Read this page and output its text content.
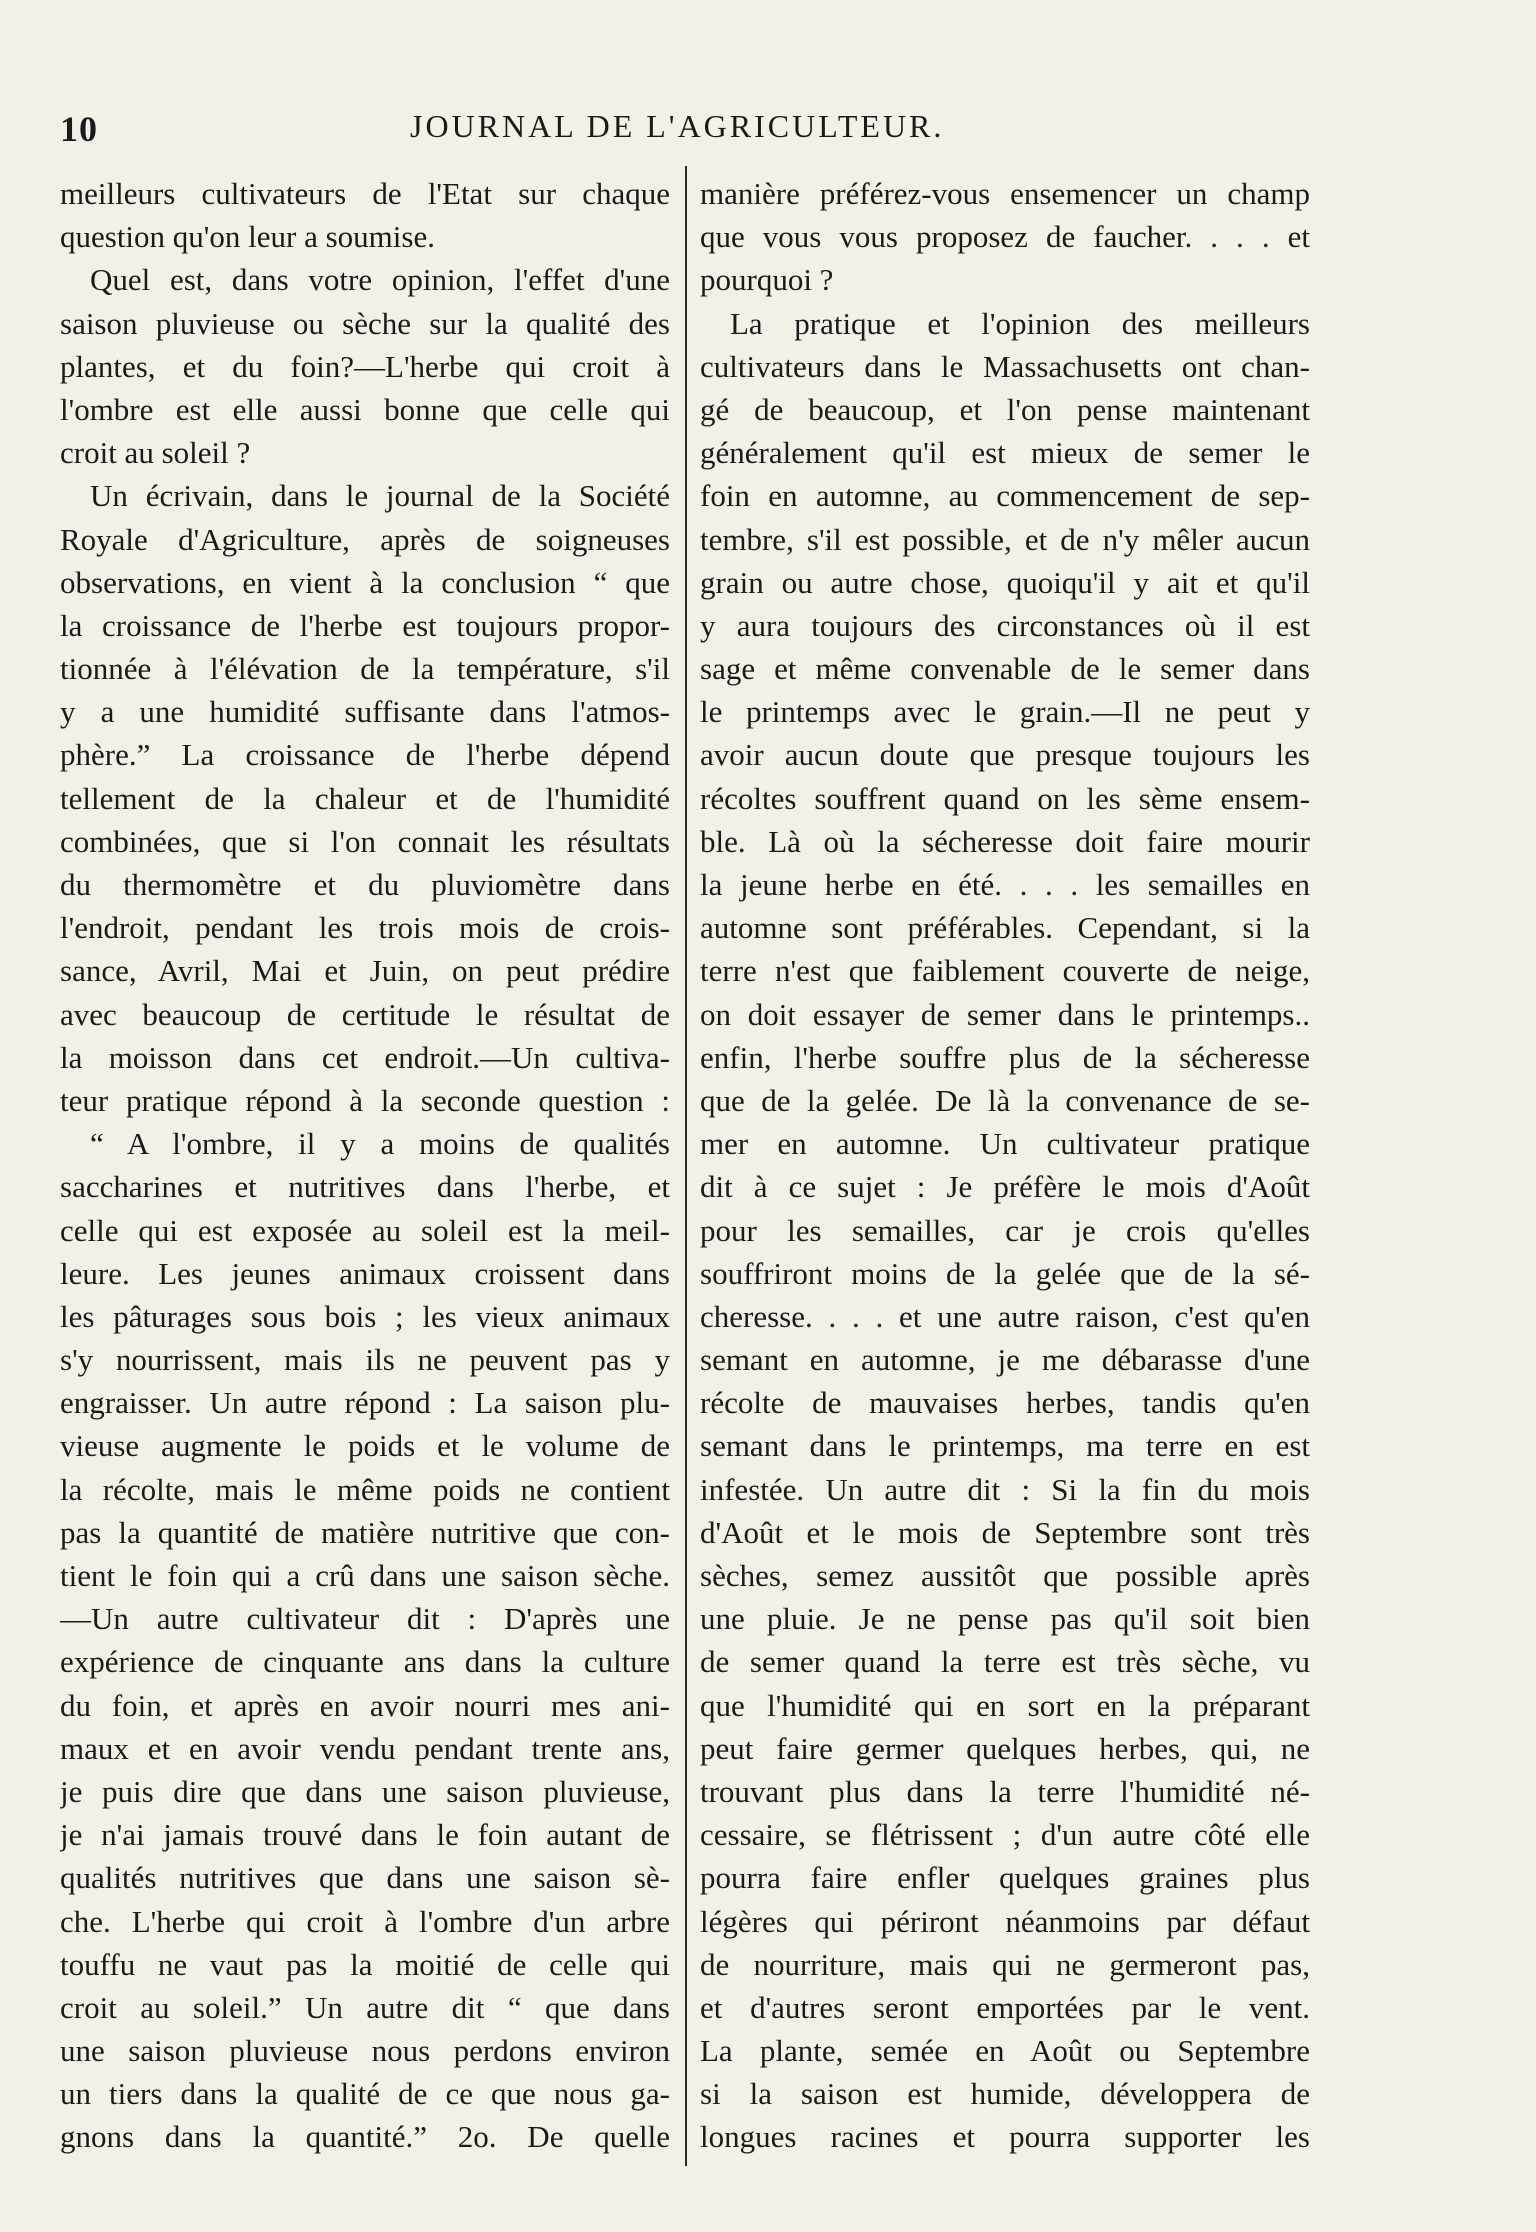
10	JOURNAL DE L'AGRICULTEUR.
meilleurs cultivateurs de l'Etat sur chaque
question qu'on leur a soumise.
Quel est, dans votre opinion, l'effet d'une
saison pluvieuse ou sèche sur la qualité des
plantes, et du foin?—L'herbe qui croit à
l'ombre est elle aussi bonne que celle qui
croit au soleil ?
Un écrivain, dans le journal de la Société
Royale d'Agriculture, après de soigneuses
observations, en vient à la conclusion “ que
la croissance de l'herbe est toujours propor-
tionnée à l'élévation de la température, s'il
y a une humidité suffisante dans l'atmos-
phère.” La croissance de l'herbe dépend
tellement de la chaleur et de l'humidité
combinées, que si l'on connait les résultats
du thermomètre et du pluviomètre dans
l'endroit, pendant les trois mois de crois-
sance, Avril, Mai et Juin, on peut prédire
avec beaucoup de certitude le résultat de
la moisson dans cet endroit.—Un cultiva-
teur pratique répond à la seconde question :
“ A l'ombre, il y a moins de qualités
saccharines et nutritives dans l'herbe, et
celle qui est exposée au soleil est la meil-
leure. Les jeunes animaux croissent dans
les pâturages sous bois ; les vieux animaux
s'y nourrissent, mais ils ne peuvent pas y
engraisser. Un autre répond : La saison plu-
vieuse augmente le poids et le volume de
la récolte, mais le même poids ne contient
pas la quantité de matière nutritive que con-
tient le foin qui a crû dans une saison sèche.
—Un autre cultivateur dit : D'après une
expérience de cinquante ans dans la culture
du foin, et après en avoir nourri mes ani-
maux et en avoir vendu pendant trente ans,
je puis dire que dans une saison pluvieuse,
je n'ai jamais trouvé dans le foin autant de
qualités nutritives que dans une saison sè-
che. L'herbe qui croit à l'ombre d'un arbre
touffu ne vaut pas la moitié de celle qui
croit au soleil.” Un autre dit “ que dans
une saison pluvieuse nous perdons environ
un tiers dans la qualité de ce que nous ga-
gnons dans la quantité.” 2o. De quelle
manière préférez-vous ensemencer un champ
que vous vous proposez de faucher. . . . et
pourquoi ?
La pratique et l'opinion des meilleurs
cultivateurs dans le Massachusetts ont chan-
gé de beaucoup, et l'on pense maintenant
généralement qu'il est mieux de semer le
foin en automne, au commencement de sep-
tembre, s'il est possible, et de n'y mêler aucun
grain ou autre chose, quoiqu'il y ait et qu'il
y aura toujours des circonstances où il est
sage et même convenable de le semer dans
le printemps avec le grain.—Il ne peut y
avoir aucun doute que presque toujours les
récoltes souffrent quand on les sème ensem-
ble. Là où la sécheresse doit faire mourir
la jeune herbe en été. . . . les semailles en
automne sont préférables. Cependant, si la
terre n'est que faiblement couverte de neige,
on doit essayer de semer dans le printemps..
enfin, l'herbe souffre plus de la sécheresse
que de la gelée. De là la convenance de se-
mer en automne. Un cultivateur pratique
dit à ce sujet : Je préfère le mois d'Août
pour les semailles, car je crois qu'elles
souffriront moins de la gelée que de la sé-
cheresse. . . . et une autre raison, c'est qu'en
semant en automne, je me débarasse d'une
récolte de mauvaises herbes, tandis qu'en
semant dans le printemps, ma terre en est
infestée. Un autre dit : Si la fin du mois
d'Août et le mois de Septembre sont très
sèches, semez aussitôt que possible après
une pluie. Je ne pense pas qu'il soit bien
de semer quand la terre est très sèche, vu
que l'humidité qui en sort en la préparant
peut faire germer quelques herbes, qui, ne
trouvant plus dans la terre l'humidité né-
cessaire, se flétrissent ; d'un autre côté elle
pourra faire enfler quelques graines plus
légères qui périront néanmoins par défaut
de nourriture, mais qui ne germeront pas,
et d'autres seront emportées par le vent.
La plante, semée en Août ou Septembre
si la saison est humide, développera de
longues racines et pourra supporter les
